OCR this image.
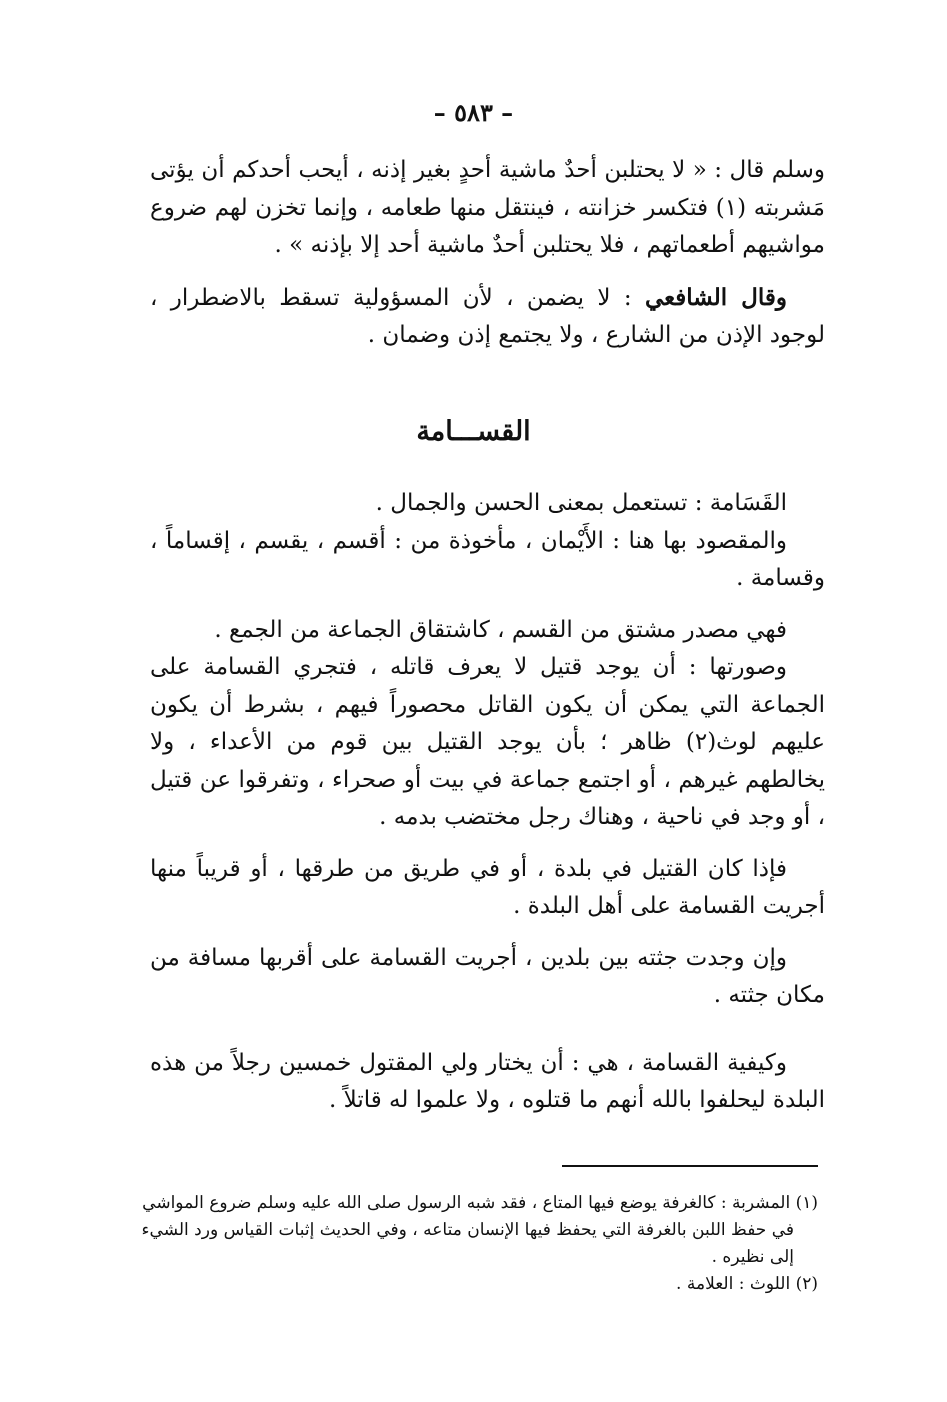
– ٥٨٣ –

وسلم قال : « لا يحتلبن أحدٌ ماشية أحدٍ بغير إذنه ، أيحب أحدكم أن يؤتى مَشربته (١) فتكسر خزانته ، فينتقل منها طعامه ، وإنما تخزن لهم ضروع مواشيهم أطعماتهم ، فلا يحتلبن أحدٌ ماشية أحد إلا بإذنه » .

وقال الشافعي : لا يضمن ، لأن المسؤولية تسقط بالاضطرار ، لوجود الإذن من الشارع ، ولا يجتمع إذن وضمان .

القســـامة

القَسَامة : تستعمل بمعنى الحسن والجمال .

والمقصود بها هنا : الأَيْمان ، مأخوذة من : أقسم ، يقسم ، إقساماً ، وقسامة .

فهي مصدر مشتق من القسم ، كاشتقاق الجماعة من الجمع .

وصورتها : أن يوجد قتيل لا يعرف قاتله ، فتجري القسامة على الجماعة التي يمكن أن يكون القاتل محصوراً فيهم ، بشرط أن يكون عليهم لوث(٢) ظاهر ؛ بأن يوجد القتيل بين قوم من الأعداء ، ولا يخالطهم غيرهم ، أو اجتمع جماعة في بيت أو صحراء ، وتفرقوا عن قتيل ، أو وجد في ناحية ، وهناك رجل مختضب بدمه .

فإذا كان القتيل في بلدة ، أو في طريق من طرقها ، أو قريباً منها أجريت القسامة على أهل البلدة .

وإن وجدت جثته بين بلدين ، أجريت القسامة على أقربها مسافة من مكان جثته .

وكيفية القسامة ، هي : أن يختار ولي المقتول خمسين رجلاً من هذه البلدة ليحلفوا بالله أنهم ما قتلوه ، ولا علموا له قاتلاً .

(١) المشربة : كالغرفة يوضع فيها المتاع ، فقد شبه الرسول صلى الله عليه وسلم ضروع المواشي

في حفظ اللبن بالغرفة التي يحفظ فيها الإنسان متاعه ، وفي الحديث إثبات القياس ورد الشيء

إلى نظيره .

(٢) اللوث : العلامة .
